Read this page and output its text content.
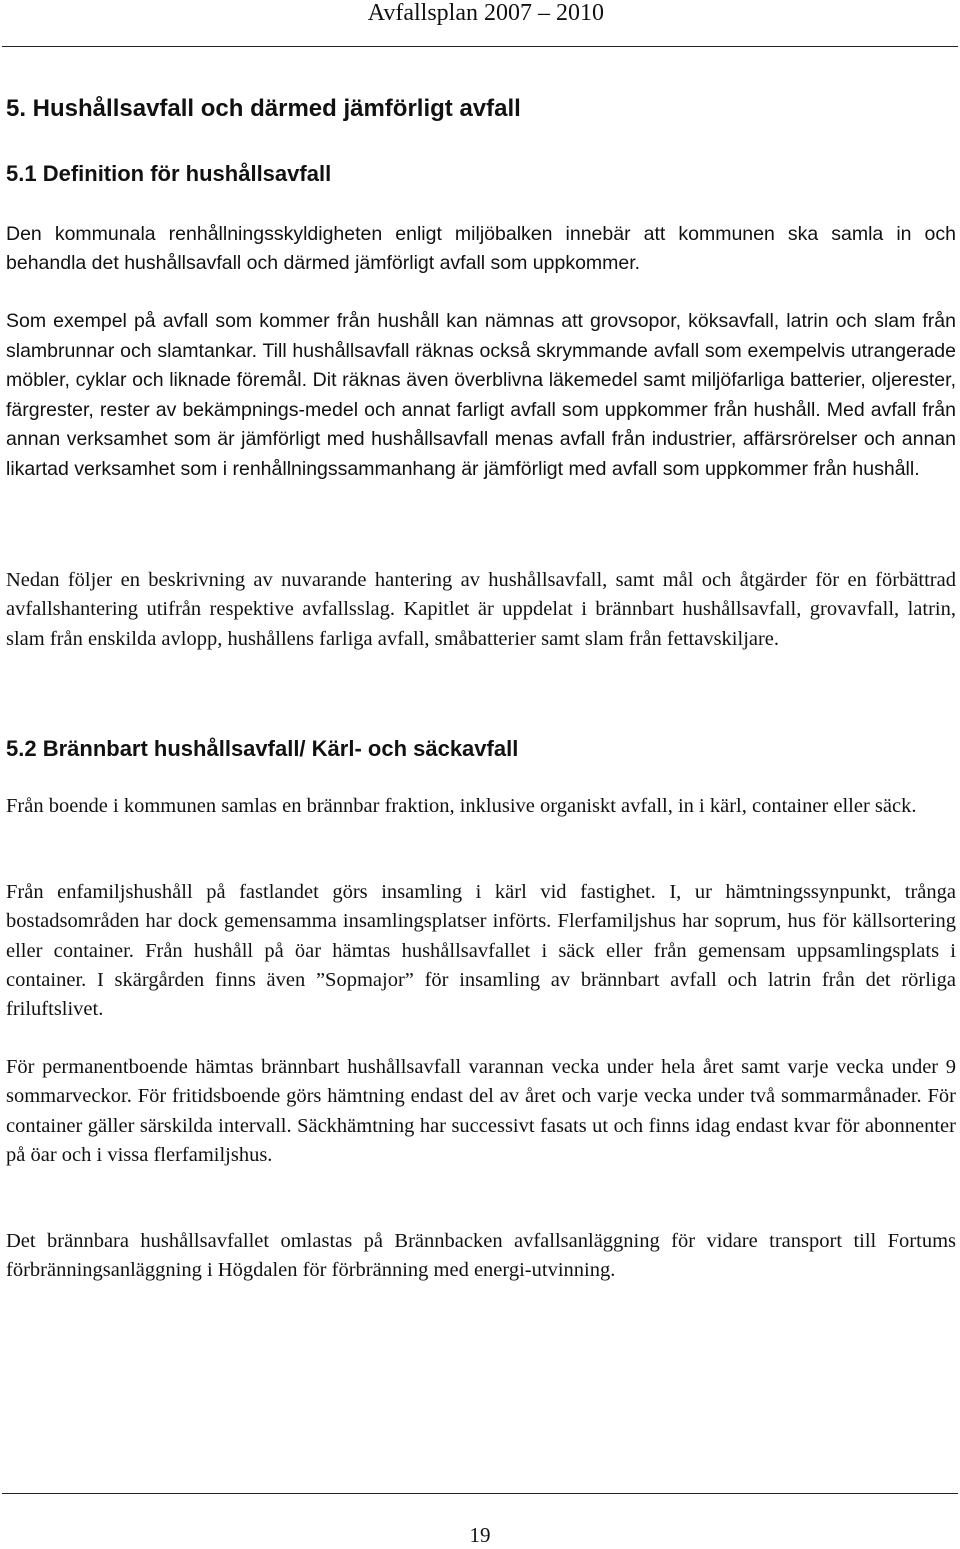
Avfallsplan 2007 – 2010
5. Hushållsavfall och därmed jämförligt avfall
5.1 Definition för hushållsavfall

Den kommunala renhållningsskyldigheten enligt miljöbalken innebär att kommunen ska samla in och behandla det hushållsavfall och därmed jämförligt avfall som uppkommer.

Som exempel på avfall som kommer från hushåll kan nämnas att grovsopor, köksavfall, latrin och slam från slambrunnar och slamtankar. Till hushållsavfall räknas också skrymmande avfall som exempelvis utrangerade möbler, cyklar och liknade föremål. Dit räknas även överblivna läkemedel samt miljöfarliga batterier, oljerester, färgrester, rester av bekämpnings-medel och annat farligt avfall som uppkommer från hushåll. Med avfall från annan verksamhet som är jämförligt med hushållsavfall menas avfall från industrier, affärsrörelser och annan likartad verksamhet som i renhållningssammanhang är jämförligt med avfall som uppkommer från hushåll.

Nedan följer en beskrivning av nuvarande hantering av hushållsavfall, samt mål och åtgärder för en förbättrad avfallshantering utifrån respektive avfallsslag. Kapitlet är uppdelat i brännbart hushållsavfall, grovavfall, latrin, slam från enskilda avlopp, hushållens farliga avfall, småbatterier samt slam från fettavskiljare.

5.2 Brännbart hushållsavfall/ Kärl- och säckavfall

Från boende i kommunen samlas en brännbar fraktion, inklusive organiskt avfall, in i kärl, container eller säck.

Från enfamiljshushåll på fastlandet görs insamling i kärl vid fastighet. I, ur hämtningssynpunkt, trånga bostadsområden har dock gemensamma insamlingsplatser införts. Flerfamiljshus har soprum, hus för källsortering eller container. Från hushåll på öar hämtas hushållsavfallet i säck eller från gemensam uppsamlingsplats i container. I skärgården finns även ”Sopmajor” för insamling av brännbart avfall och latrin från det rörliga friluftslivet.

För permanentboende hämtas brännbart hushållsavfall varannan vecka under hela året samt varje vecka under 9 sommarveckor. För fritidsboende görs hämtning endast del av året och varje vecka under två sommarmånader. För container gäller särskilda intervall. Säckhämtning har successivt fasats ut och finns idag endast kvar för abonnenter på öar och i vissa flerfamiljshus.

Det brännbara hushållsavfallet omlastas på Brännbacken avfallsanläggning för vidare transport till Fortums förbränningsanläggning i Högdalen för förbränning med energi-utvinning.

19
